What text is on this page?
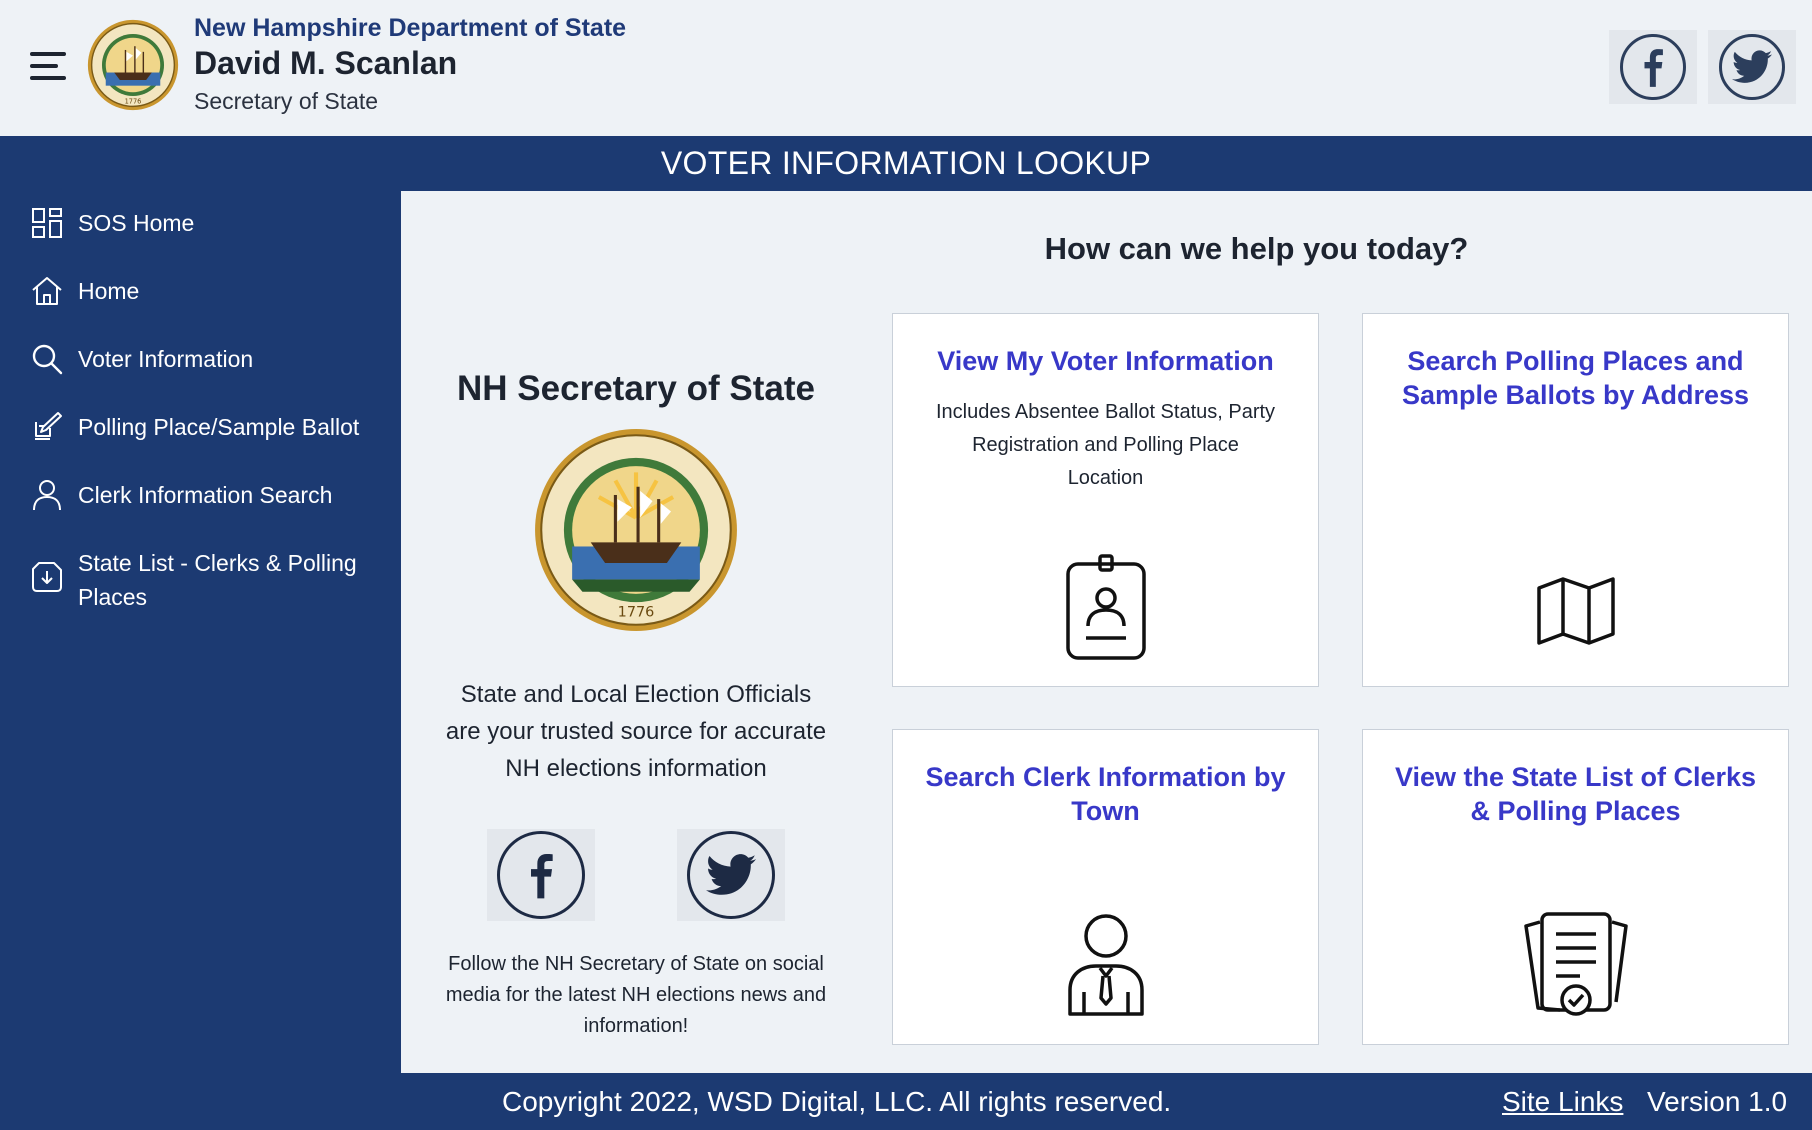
1776
New Hampshire Department of State
David M. Scanlan
Secretary of State
VOTER INFORMATION LOOKUP
SOS Home
Home
Voter Information
Polling Place/Sample Ballot
Clerk Information Search
State List - Clerks & Polling Places
How can we help you today?
NH Secretary of State
1776
State and Local Election Officials are your trusted source for accurate NH elections information
Follow the NH Secretary of State on social media for the latest NH elections news and information!
View My Voter Information
Includes Absentee Ballot Status, Party Registration and Polling Place Location
Search Polling Places and Sample Ballots by Address
Search Clerk Information by Town
View the State List of Clerks & Polling Places
Copyright 2022, WSD Digital, LLC. All rights reserved.	Site Links Version 1.0
